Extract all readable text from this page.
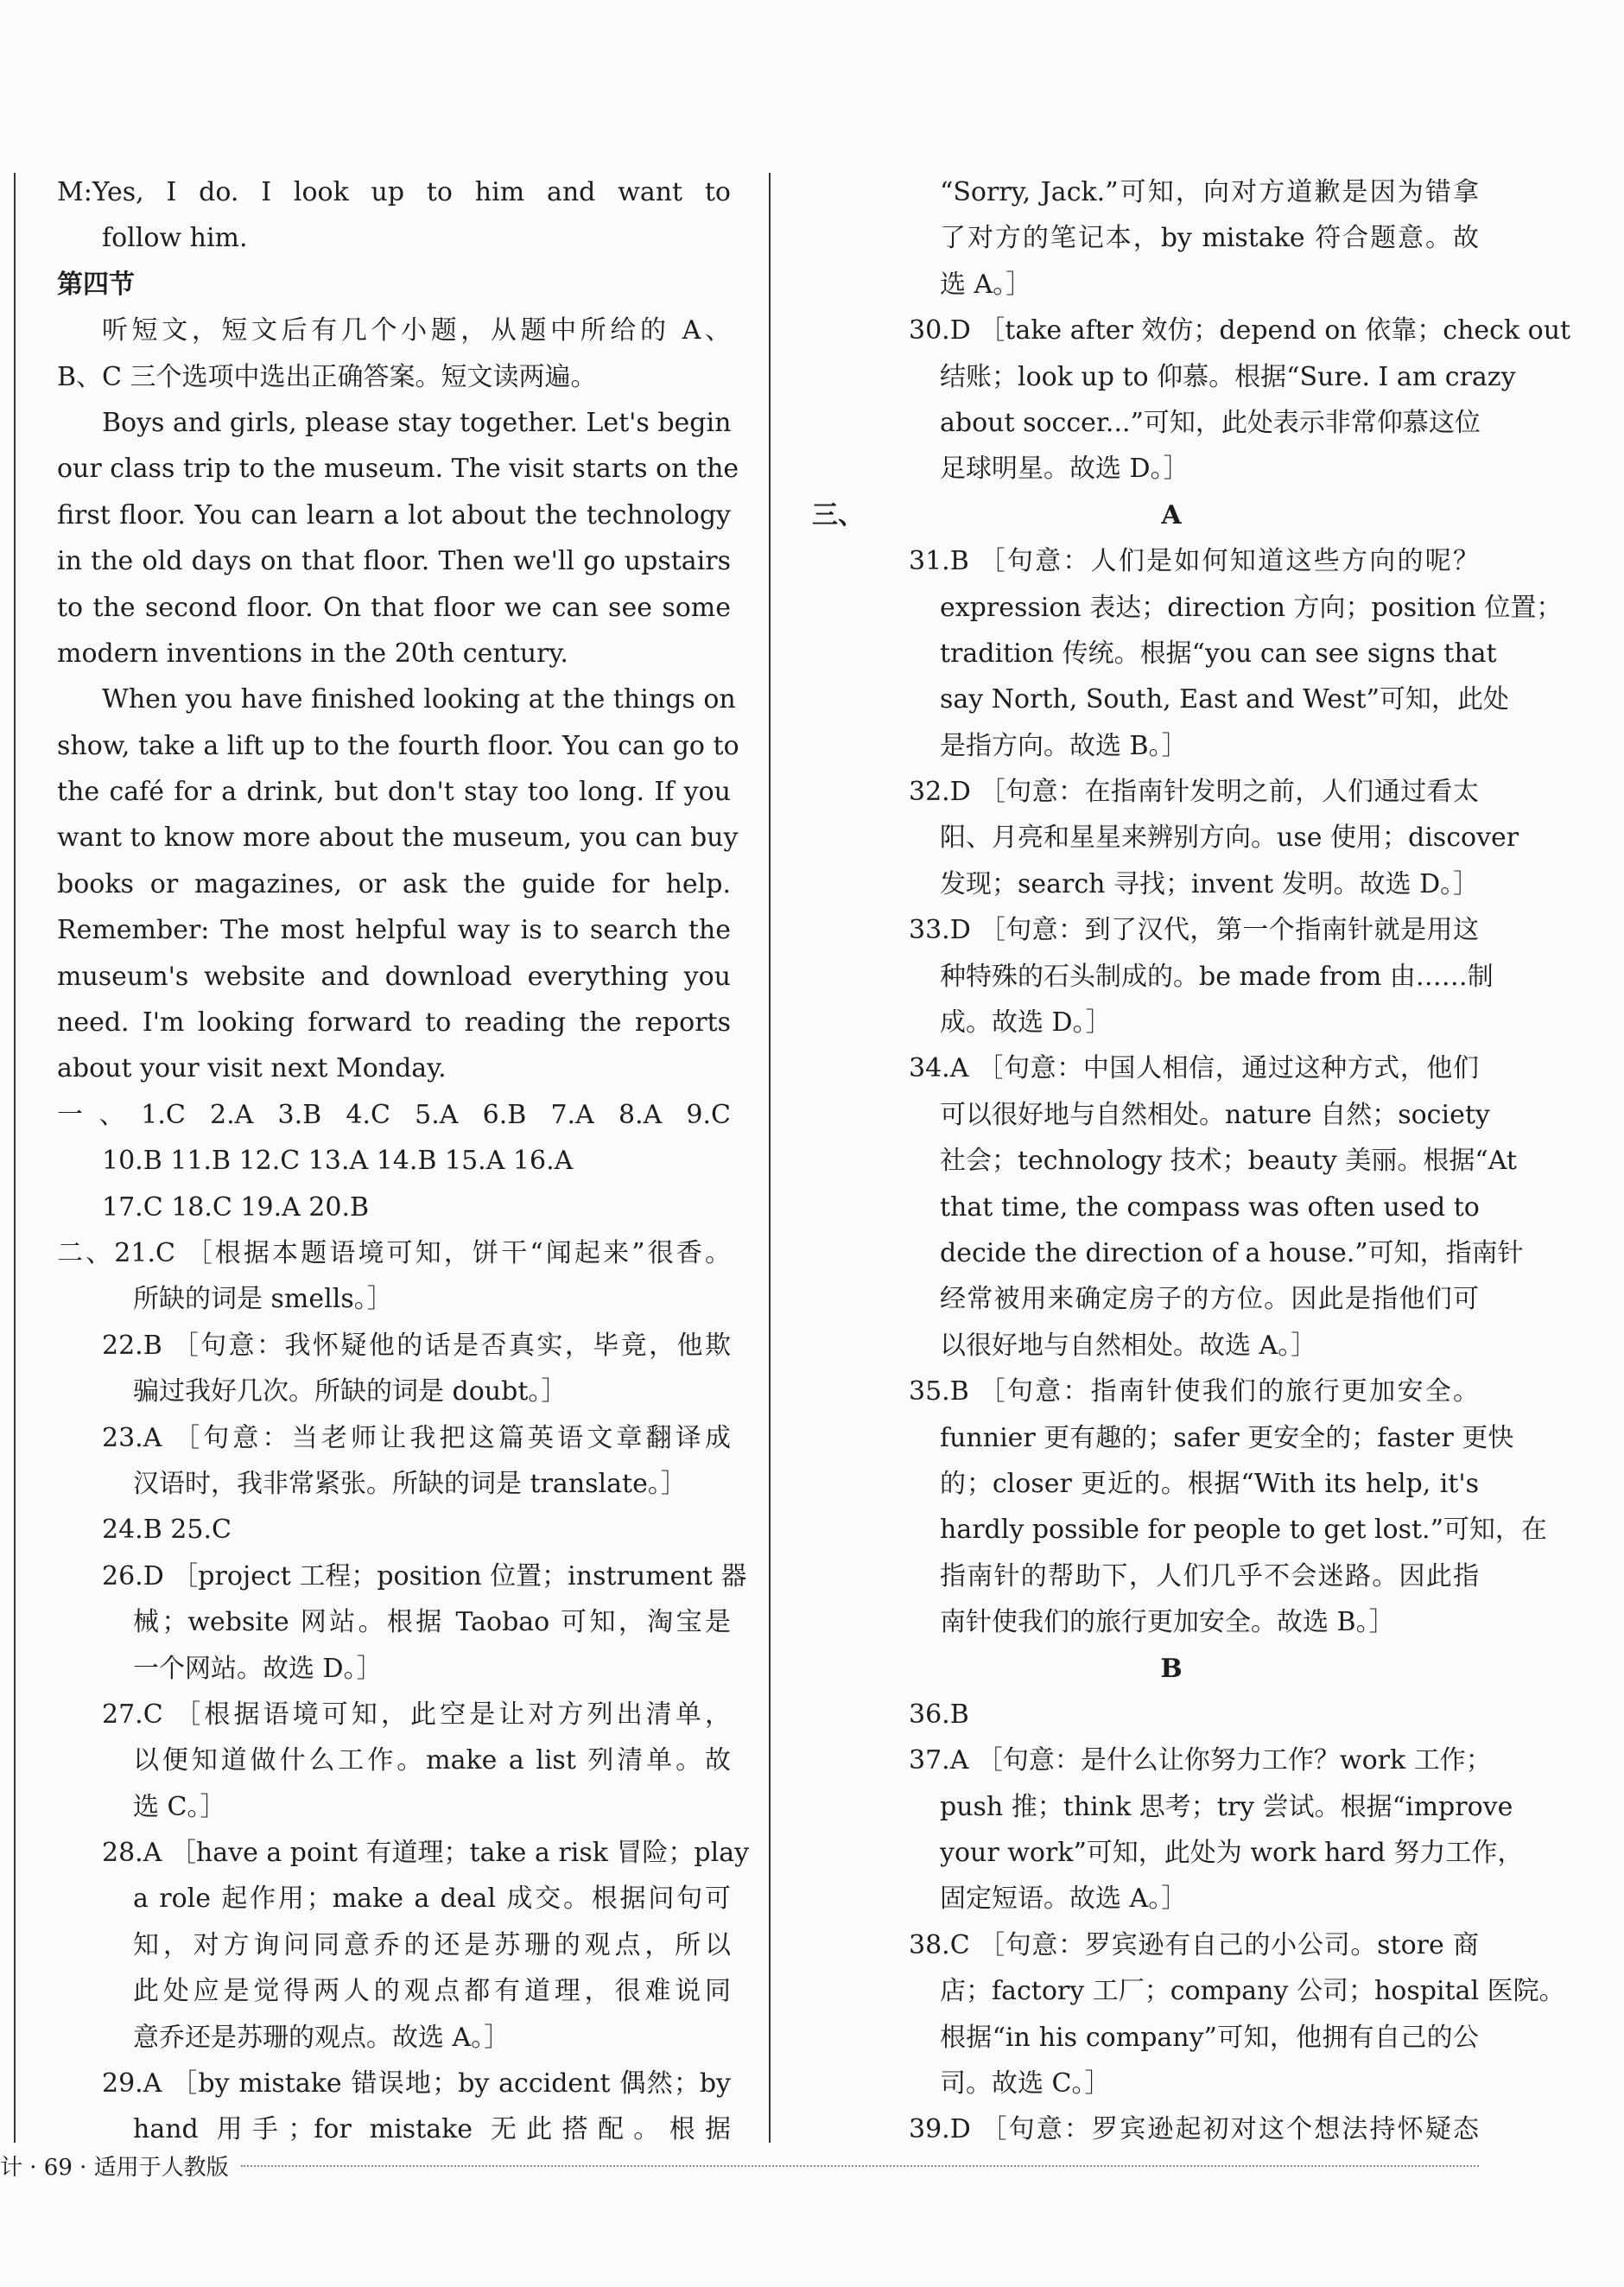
M:Yes, I do. I look up to him and want to
follow him.
第四节
听短文，短文后有几个小题，从题中所给的 A、
B、C 三个选项中选出正确答案。短文读两遍。
Boys and girls, please stay together. Let's begin
our class trip to the museum. The visit starts on the
first floor. You can learn a lot about the technology
in the old days on that floor. Then we'll go upstairs
to the second floor. On that floor we can see some
modern inventions in the 20th century.
When you have finished looking at the things on
show, take a lift up to the fourth floor. You can go to
the café for a drink, but don't stay too long. If you
want to know more about the museum, you can buy
books or magazines, or ask the guide for help.
Remember: The most helpful way is to search the
museum's website and download everything you
need. I'm looking forward to reading the reports
about your visit next Monday.
一、1.C 2.A 3.B 4.C 5.A 6.B 7.A 8.A 9.C
10.B 11.B 12.C 13.A 14.B 15.A 16.A
17.C 18.C 19.A 20.B
二、21.C ［根据本题语境可知，饼干“闻起来”很香。
所缺的词是 smells。］
22.B ［句意：我怀疑他的话是否真实，毕竟，他欺
骗过我好几次。所缺的词是 doubt。］
23.A ［句意：当老师让我把这篇英语文章翻译成
汉语时，我非常紧张。所缺的词是 translate。］
24.B 25.C
26.D ［project 工程；position 位置；instrument 器
械；website 网站。根据 Taobao 可知，淘宝是
一个网站。故选 D。］
27.C ［根据语境可知，此空是让对方列出清单，
以便知道做什么工作。make a list 列清单。故
选 C。］
28.A ［have a point 有道理；take a risk 冒险；play
a role 起作用；make a deal 成交。根据问句可
知，对方询问同意乔的还是苏珊的观点，所以
此处应是觉得两人的观点都有道理，很难说同
意乔还是苏珊的观点。故选 A。］
29.A ［by mistake 错误地；by accident 偶然；by
hand 用手；for mistake 无此搭配。根据
“Sorry, Jack.”可知，向对方道歉是因为错拿
了对方的笔记本，by mistake 符合题意。故
选 A。］
30.D ［take after 效仿；depend on 依靠；check out
结账；look up to 仰慕。根据“Sure. I am crazy
about soccer...”可知，此处表示非常仰慕这位
足球明星。故选 D。］
三、	A
31.B ［句意：人们是如何知道这些方向的呢？
expression 表达；direction 方向；position 位置；
tradition 传统。根据“you can see signs that
say North, South, East and West”可知，此处
是指方向。故选 B。］
32.D ［句意：在指南针发明之前，人们通过看太
阳、月亮和星星来辨别方向。use 使用；discover
发现；search 寻找；invent 发明。故选 D。］
33.D ［句意：到了汉代，第一个指南针就是用这
种特殊的石头制成的。be made from 由……制
成。故选 D。］
34.A ［句意：中国人相信，通过这种方式，他们
可以很好地与自然相处。nature 自然；society
社会；technology 技术；beauty 美丽。根据“At
that time, the compass was often used to
decide the direction of a house.”可知，指南针
经常被用来确定房子的方位。因此是指他们可
以很好地与自然相处。故选 A。］
35.B ［句意：指南针使我们的旅行更加安全。
funnier 更有趣的；safer 更安全的；faster 更快
的；closer 更近的。根据“With its help, it's
hardly possible for people to get lost.”可知，在
指南针的帮助下，人们几乎不会迷路。因此指
南针使我们的旅行更加安全。故选 B。］
B
36.B
37.A ［句意：是什么让你努力工作？work 工作；
push 推；think 思考；try 尝试。根据“improve
your work”可知，此处为 work hard 努力工作，
固定短语。故选 A。］
38.C ［句意：罗宾逊有自己的小公司。store 商
店；factory 工厂；company 公司；hospital 医院。
根据“in his company”可知，他拥有自己的公
司。故选 C。］
39.D ［句意：罗宾逊起初对这个想法持怀疑态
计 · 69 · 适用于人教版
